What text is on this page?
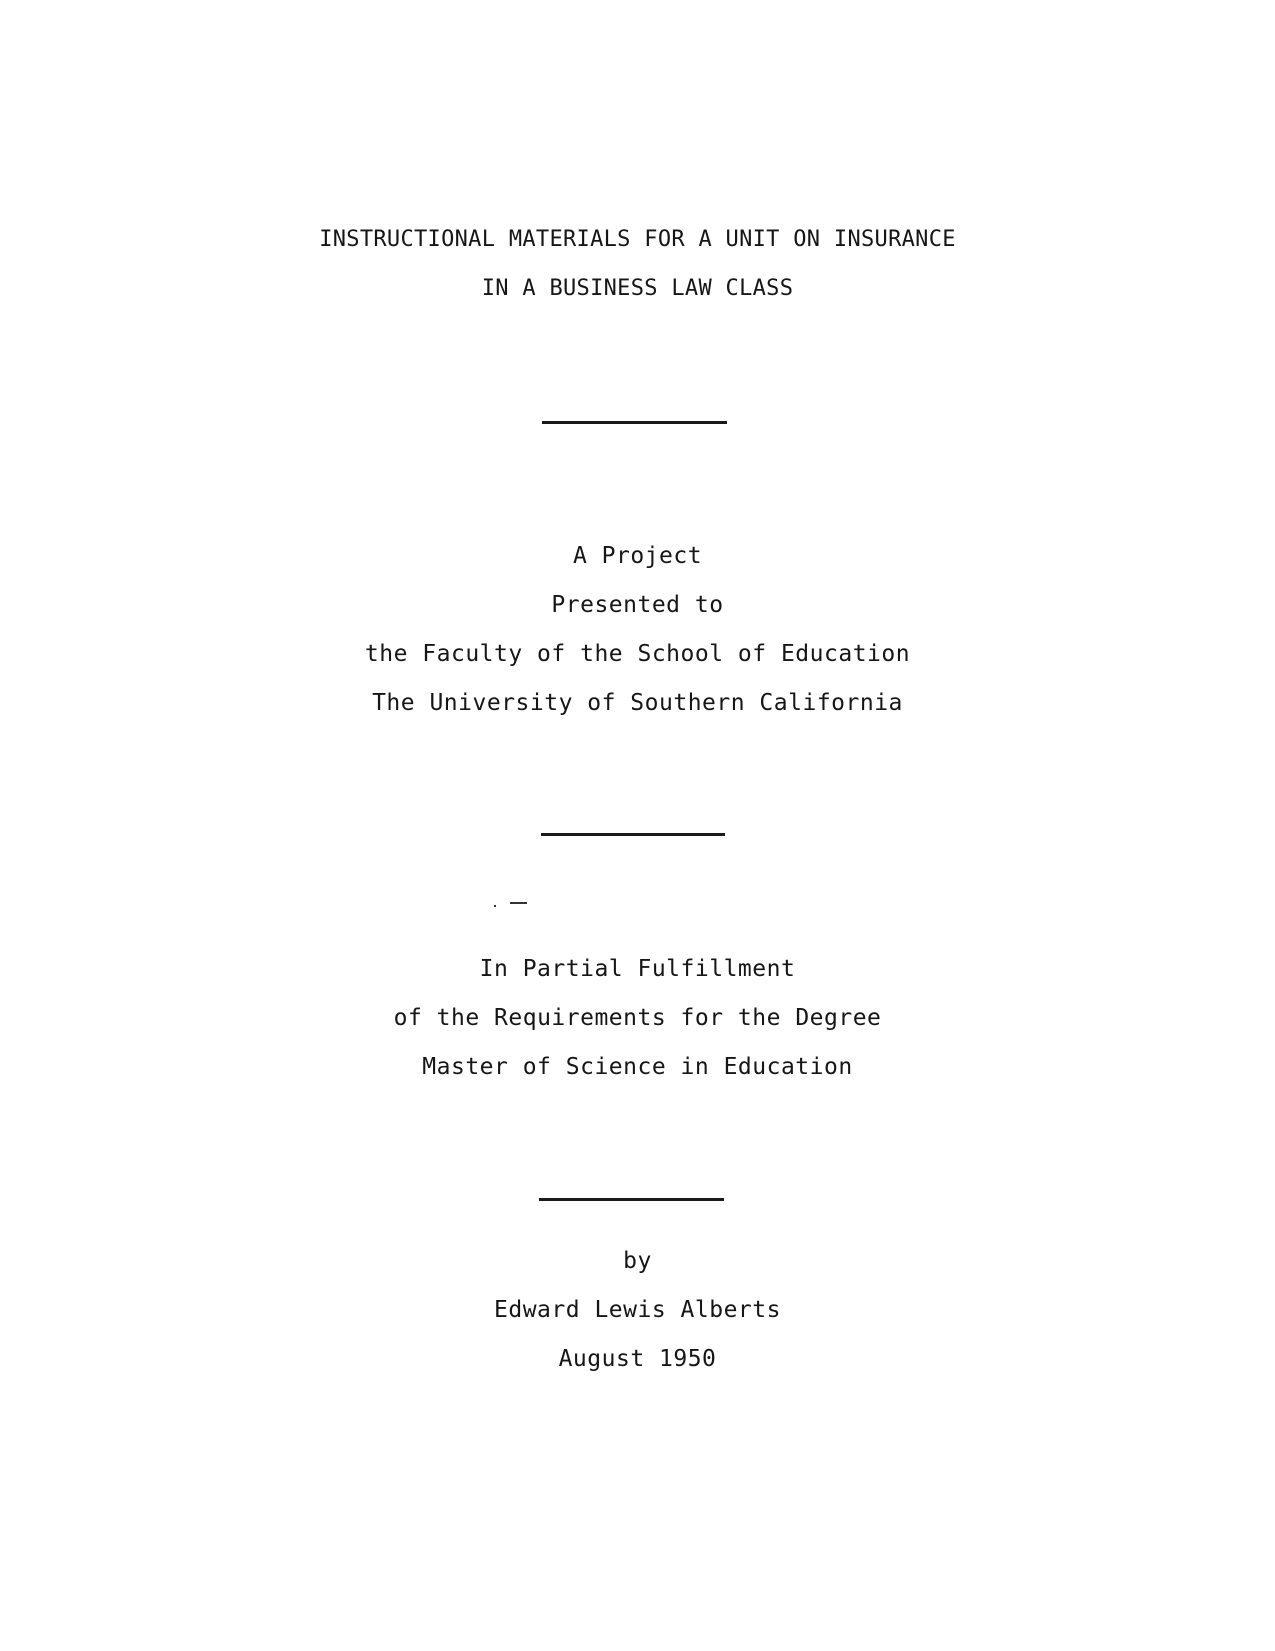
INSTRUCTIONAL MATERIALS FOR A UNIT ON INSURANCE
IN A BUSINESS LAW CLASS
A Project
Presented to
the Faculty of the School of Education
The University of Southern California
In Partial Fulfillment
of the Requirements for the Degree
Master of Science in Education
by
Edward Lewis Alberts
August 1950
